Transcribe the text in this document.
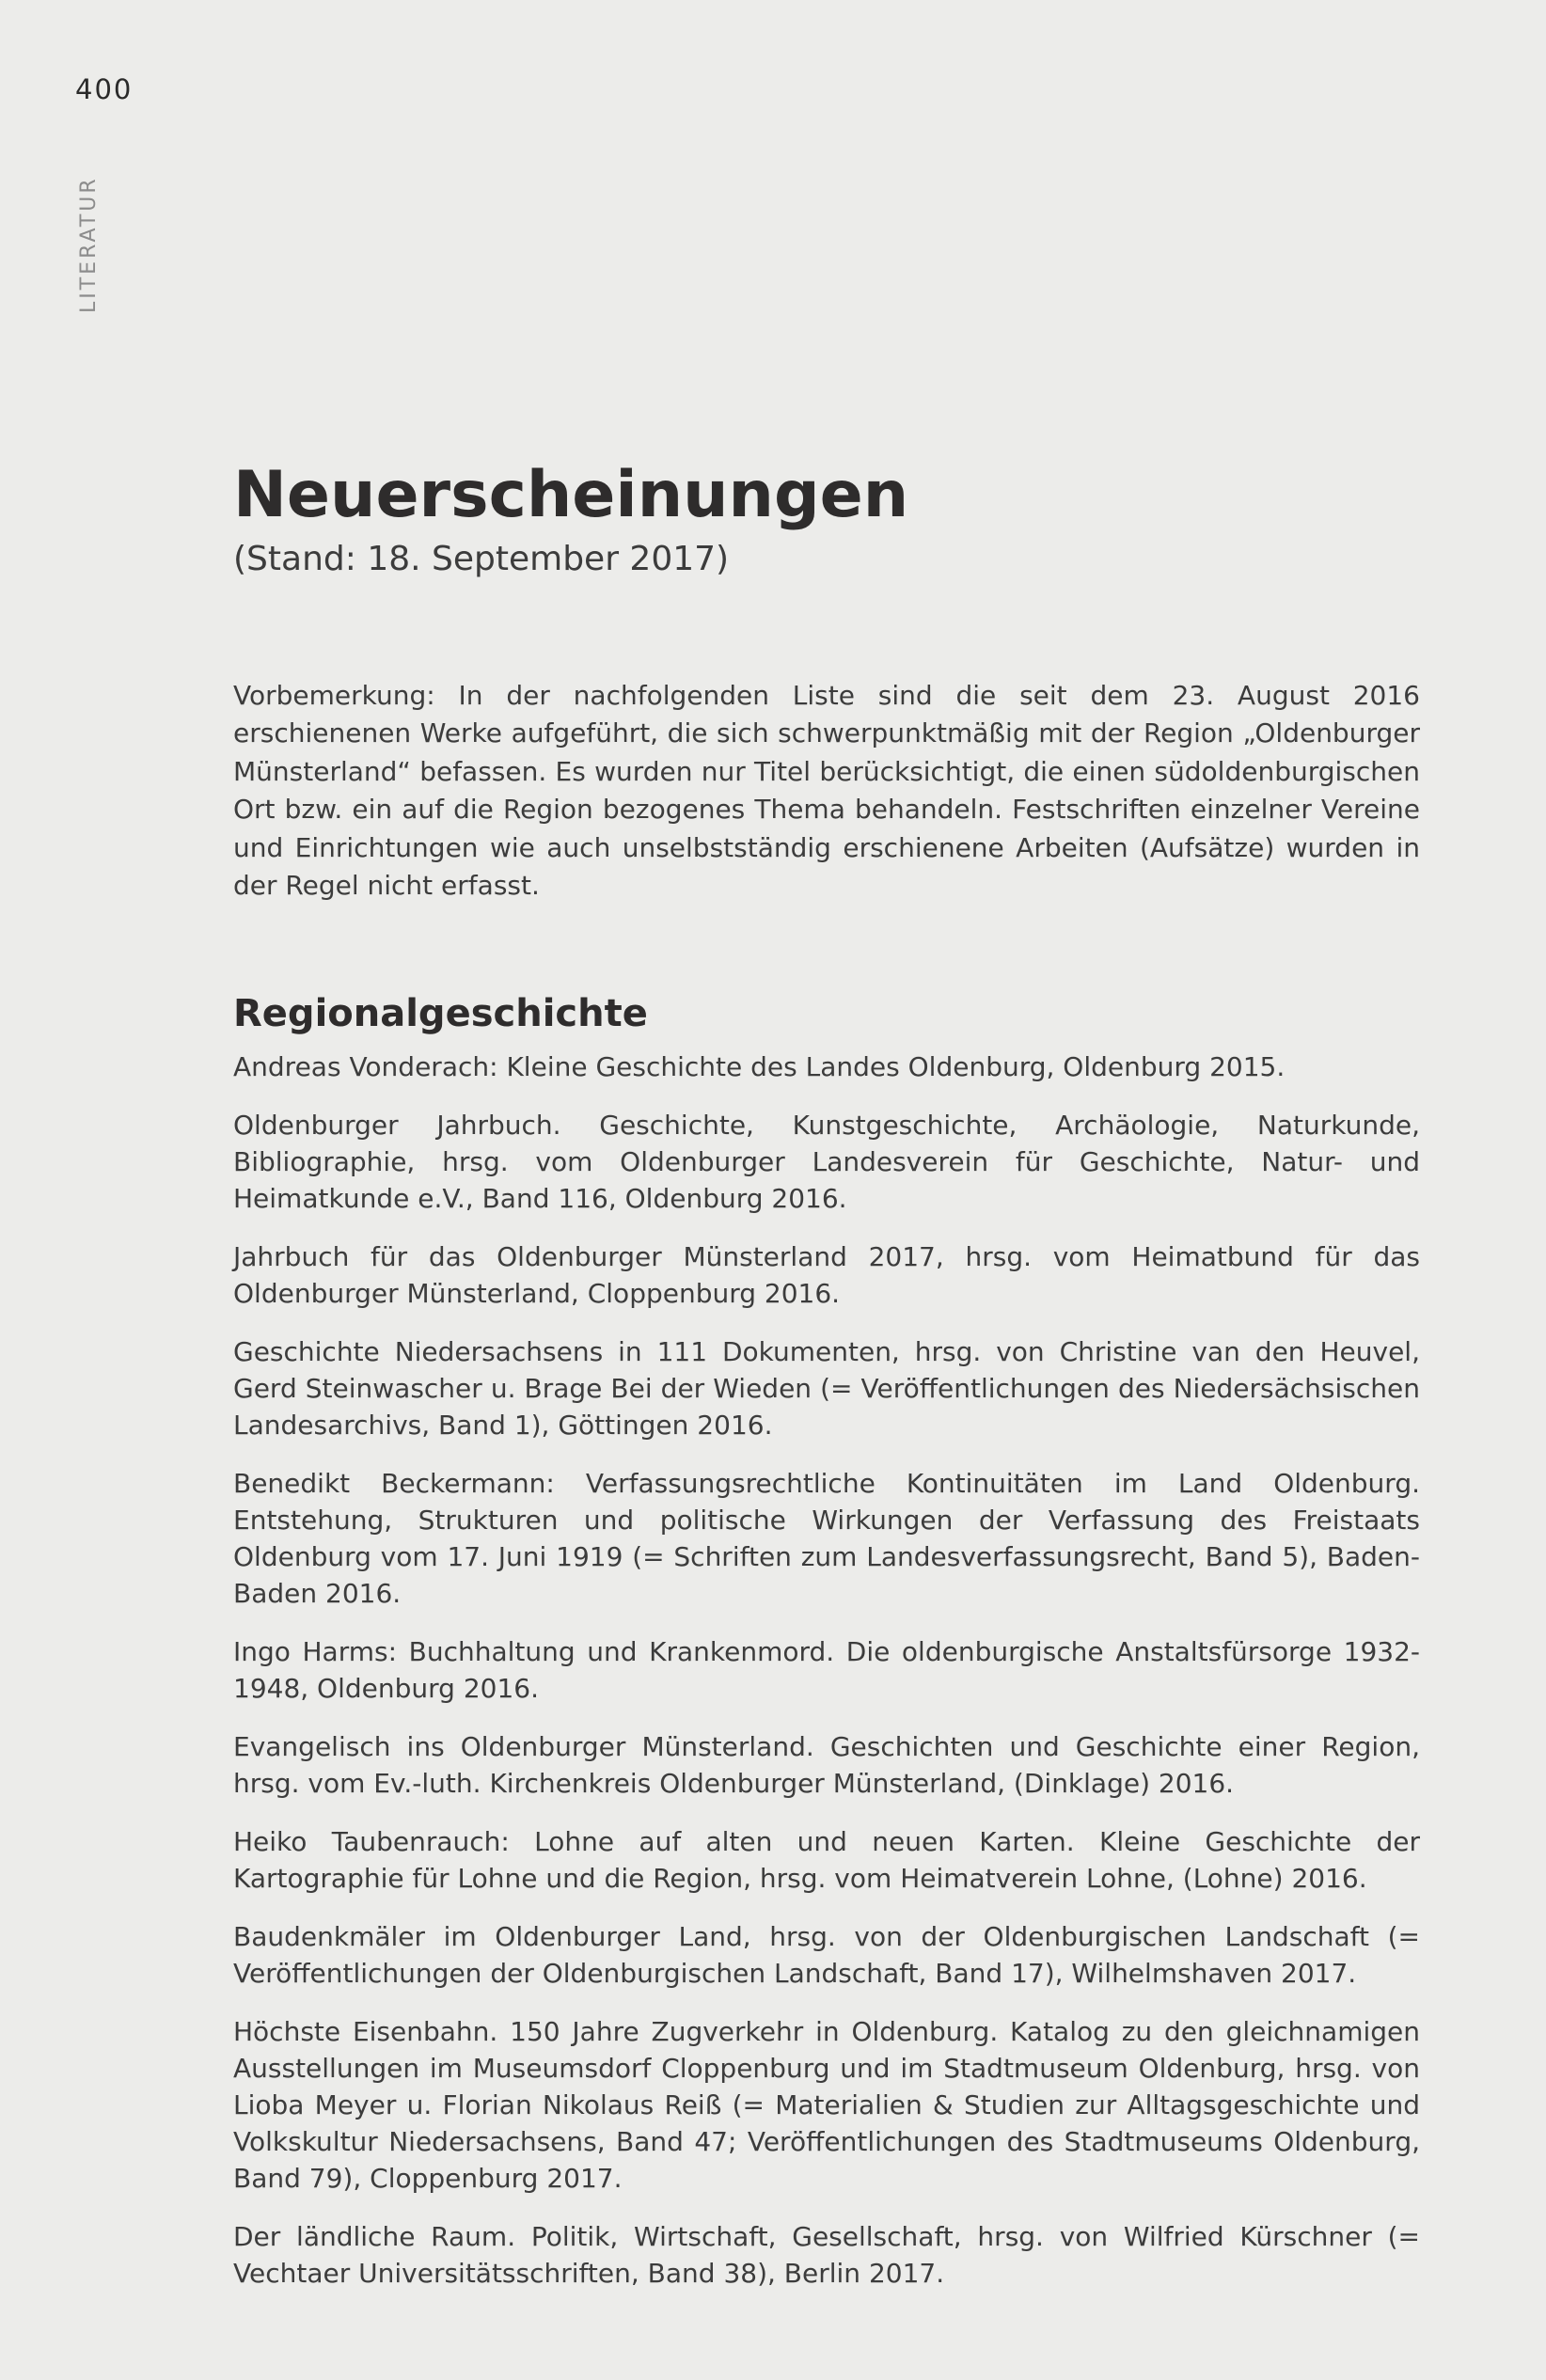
400
LITERATUR
Neuerscheinungen

(Stand: 18. September 2017)

Vorbemerkung: In der nachfolgenden Liste sind die seit dem 23. August 2016 erschienenen Werke aufgeführt, die sich schwerpunktmäßig mit der Region „Oldenburger Münsterland“ befassen. Es wurden nur Titel berücksichtigt, die einen südoldenburgischen Ort bzw. ein auf die Region bezogenes Thema behandeln. Festschriften einzelner Vereine und Einrichtungen wie auch unselbstständig erschienene Arbeiten (Aufsätze) wurden in der Regel nicht erfasst.

Regionalgeschichte

Andreas Vonderach: Kleine Geschichte des Landes Oldenburg, Oldenburg 2015.

Oldenburger Jahrbuch. Geschichte, Kunstgeschichte, Archäologie, Naturkunde, Bibliographie, hrsg. vom Oldenburger Landesverein für Geschichte, Natur- und Heimatkunde e.V., Band 116, Oldenburg 2016.

Jahrbuch für das Oldenburger Münsterland 2017, hrsg. vom Heimatbund für das Oldenburger Münsterland, Cloppenburg 2016.

Geschichte Niedersachsens in 111 Dokumenten, hrsg. von Christine van den Heuvel, Gerd Steinwascher u. Brage Bei der Wieden (= Veröffentlichungen des Niedersächsischen Landesarchivs, Band 1), Göttingen 2016.

Benedikt Beckermann: Verfassungsrechtliche Kontinuitäten im Land Oldenburg. Entstehung, Strukturen und politische Wirkungen der Verfassung des Freistaats Oldenburg vom 17. Juni 1919 (= Schriften zum Landesverfassungsrecht, Band 5), Baden-Baden 2016.

Ingo Harms: Buchhaltung und Krankenmord. Die oldenburgische Anstaltsfürsorge 1932-1948, Oldenburg 2016.

Evangelisch ins Oldenburger Münsterland. Geschichten und Geschichte einer Region, hrsg. vom Ev.-luth. Kirchenkreis Oldenburger Münsterland, (Dinklage) 2016.

Heiko Taubenrauch: Lohne auf alten und neuen Karten. Kleine Geschichte der Kartographie für Lohne und die Region, hrsg. vom Heimatverein Lohne, (Lohne) 2016.

Baudenkmäler im Oldenburger Land, hrsg. von der Oldenburgischen Landschaft (= Veröffentlichungen der Oldenburgischen Landschaft, Band 17), Wilhelmshaven 2017.

Höchste Eisenbahn. 150 Jahre Zugverkehr in Oldenburg. Katalog zu den gleichnamigen Ausstellungen im Museumsdorf Cloppenburg und im Stadtmuseum Oldenburg, hrsg. von Lioba Meyer u. Florian Nikolaus Reiß (= Materialien & Studien zur Alltagsgeschichte und Volkskultur Niedersachsens, Band 47; Veröffentlichungen des Stadtmuseums Oldenburg, Band 79), Cloppenburg 2017.

Der ländliche Raum. Politik, Wirtschaft, Gesellschaft, hrsg. von Wilfried Kürschner (= Vechtaer Universitätsschriften, Band 38), Berlin 2017.
